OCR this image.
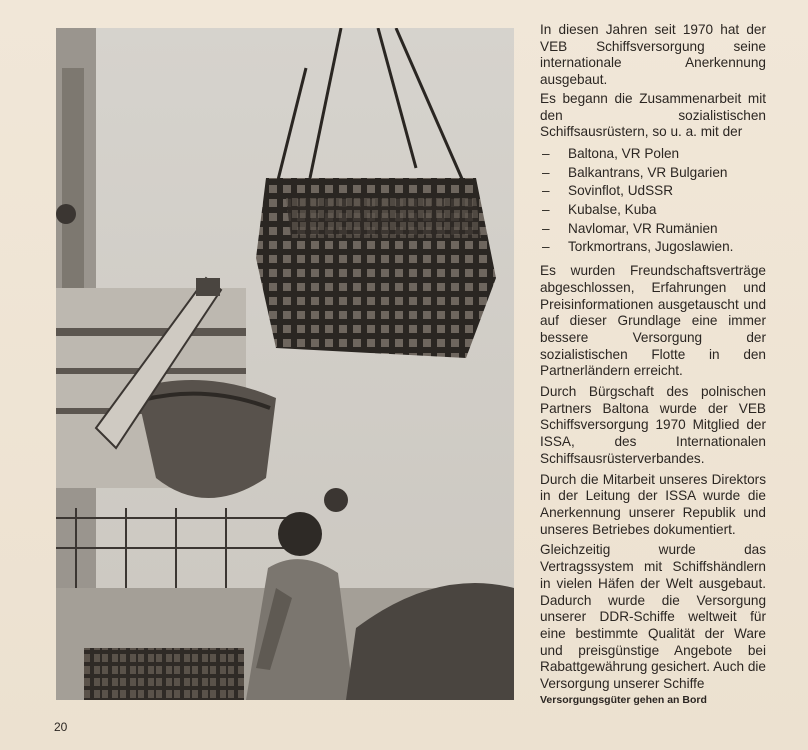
In diesen Jahren seit 1970 hat der VEB Schiffsversorgung seine internationale Anerkennung ausgebaut.

Es begann die Zusammenarbeit mit den sozialistischen Schiffsausrüstern, so u. a. mit der

– Baltona, VR Polen
– Balkantrans, VR Bulgarien
– Sovinflot, UdSSR
– Kubalse, Kuba
– Navlomar, VR Rumänien
– Torkmortrans, Jugoslawien.

Es wurden Freundschaftsverträge abgeschlossen, Erfahrungen und Preisinformationen ausgetauscht und auf dieser Grundlage eine immer bessere Versorgung der sozialistischen Flotte in den Partnerländern erreicht.

Durch Bürgschaft des polnischen Partners Baltona wurde der VEB Schiffsversorgung 1970 Mitglied der ISSA, des Internationalen Schiffsausrüsterverbandes.

Durch die Mitarbeit unseres Direktors in der Leitung der ISSA wurde die Anerkennung unserer Republik und unseres Betriebes dokumentiert.

Gleichzeitig wurde das Vertragssystem mit Schiffshändlern in vielen Häfen der Welt ausgebaut. Dadurch wurde die Versorgung unserer DDR-Schiffe weltweit für eine bestimmte Qualität der Ware und preisgünstige Angebote bei Rabattgewährung gesichert. Auch die Versorgung unserer Schiffe

Versorgungsgüter gehen an Bord
20
